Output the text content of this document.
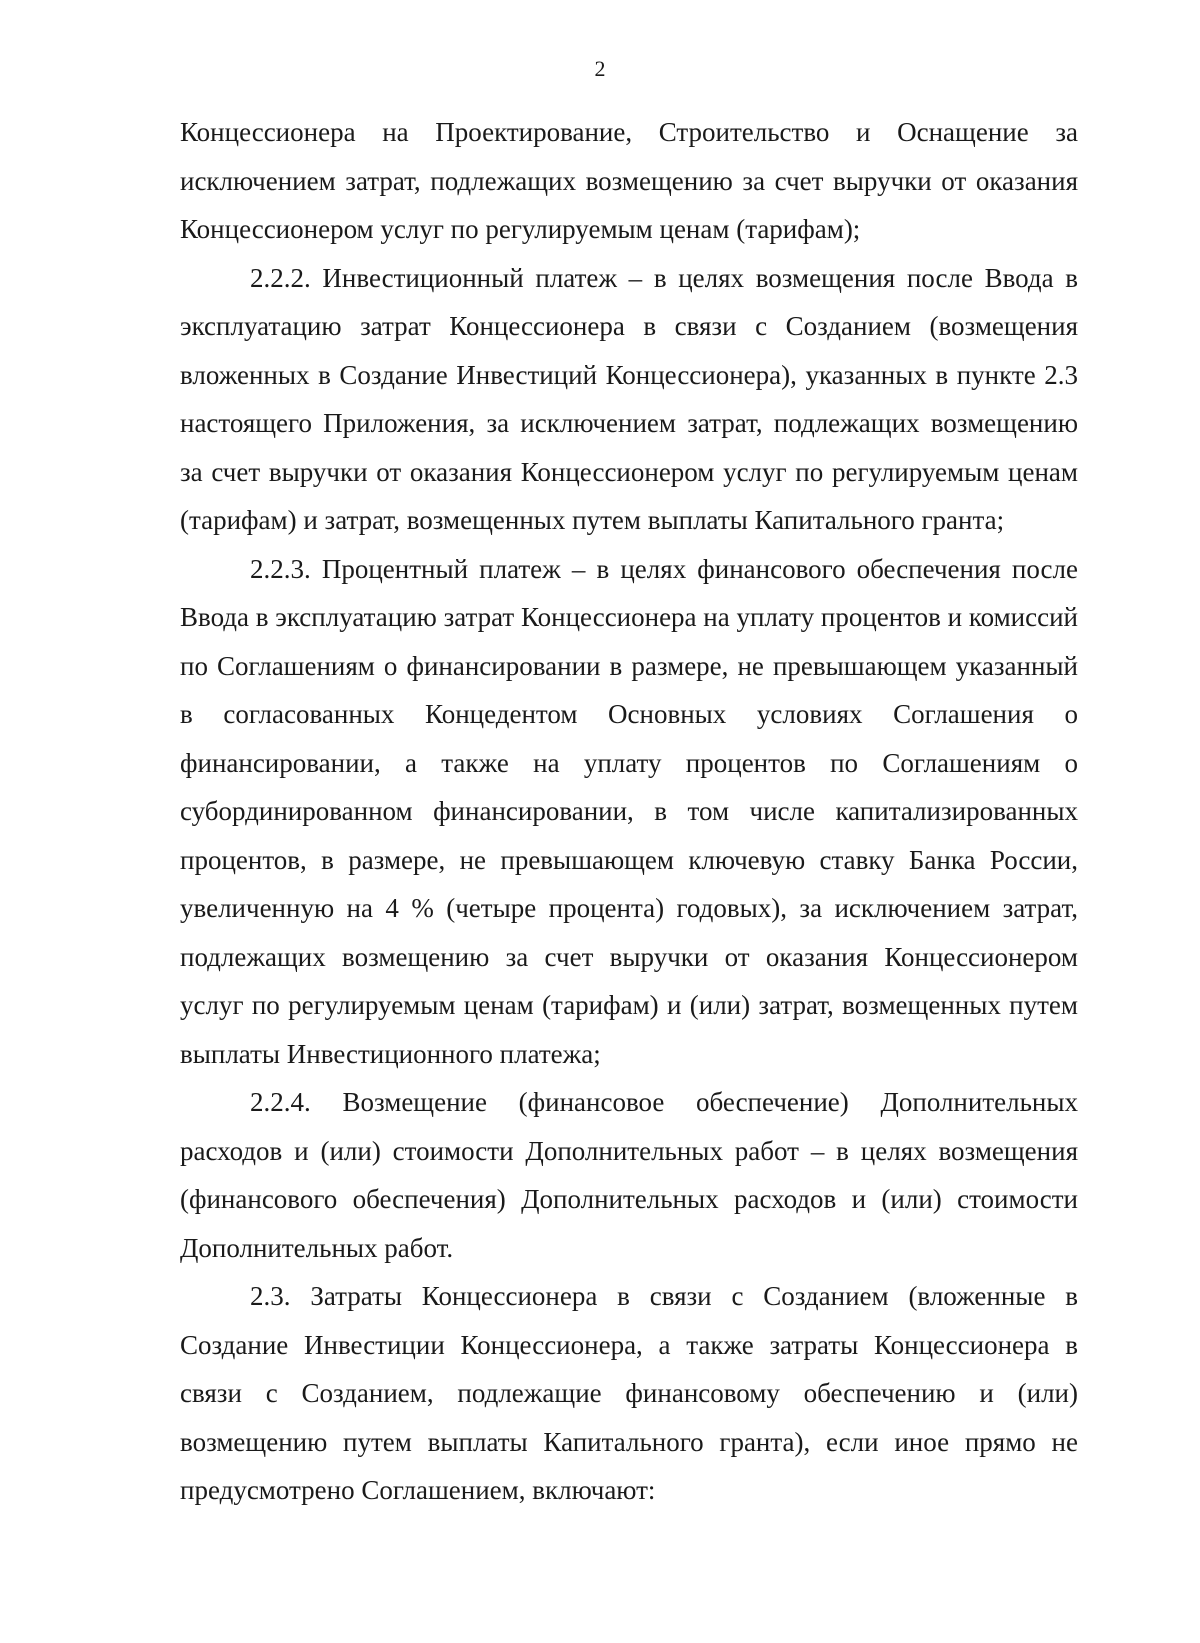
2

Концессионера на Проектирование, Строительство и Оснащение за исключением затрат, подлежащих возмещению за счет выручки от оказания Концессионером услуг по регулируемым ценам (тарифам);

2.2.2. Инвестиционный платеж – в целях возмещения после Ввода в эксплуатацию затрат Концессионера в связи с Созданием (возмещения вложенных в Создание Инвестиций Концессионера), указанных в пункте 2.3 настоящего Приложения, за исключением затрат, подлежащих возмещению за счет выручки от оказания Концессионером услуг по регулируемым ценам (тарифам) и затрат, возмещенных путем выплаты Капитального гранта;

2.2.3. Процентный платеж – в целях финансового обеспечения после Ввода в эксплуатацию затрат Концессионера на уплату процентов и комиссий по Соглашениям о финансировании в размере, не превышающем указанный в согласованных Концедентом Основных условиях Соглашения о финансировании, а также на уплату процентов по Соглашениям о субординированном финансировании, в том числе капитализированных процентов, в размере, не превышающем ключевую ставку Банка России, увеличенную на 4 % (четыре процента) годовых), за исключением затрат, подлежащих возмещению за счет выручки от оказания Концессионером услуг по регулируемым ценам (тарифам) и (или) затрат, возмещенных путем выплаты Инвестиционного платежа;

2.2.4. Возмещение (финансовое обеспечение) Дополнительных расходов и (или) стоимости Дополнительных работ – в целях возмещения (финансового обеспечения) Дополнительных расходов и (или) стоимости Дополнительных работ.

2.3. Затраты Концессионера в связи с Созданием (вложенные в Создание Инвестиции Концессионера, а также затраты Концессионера в связи с Созданием, подлежащие финансовому обеспечению и (или) возмещению путем выплаты Капитального гранта), если иное прямо не предусмотрено Соглашением, включают:
